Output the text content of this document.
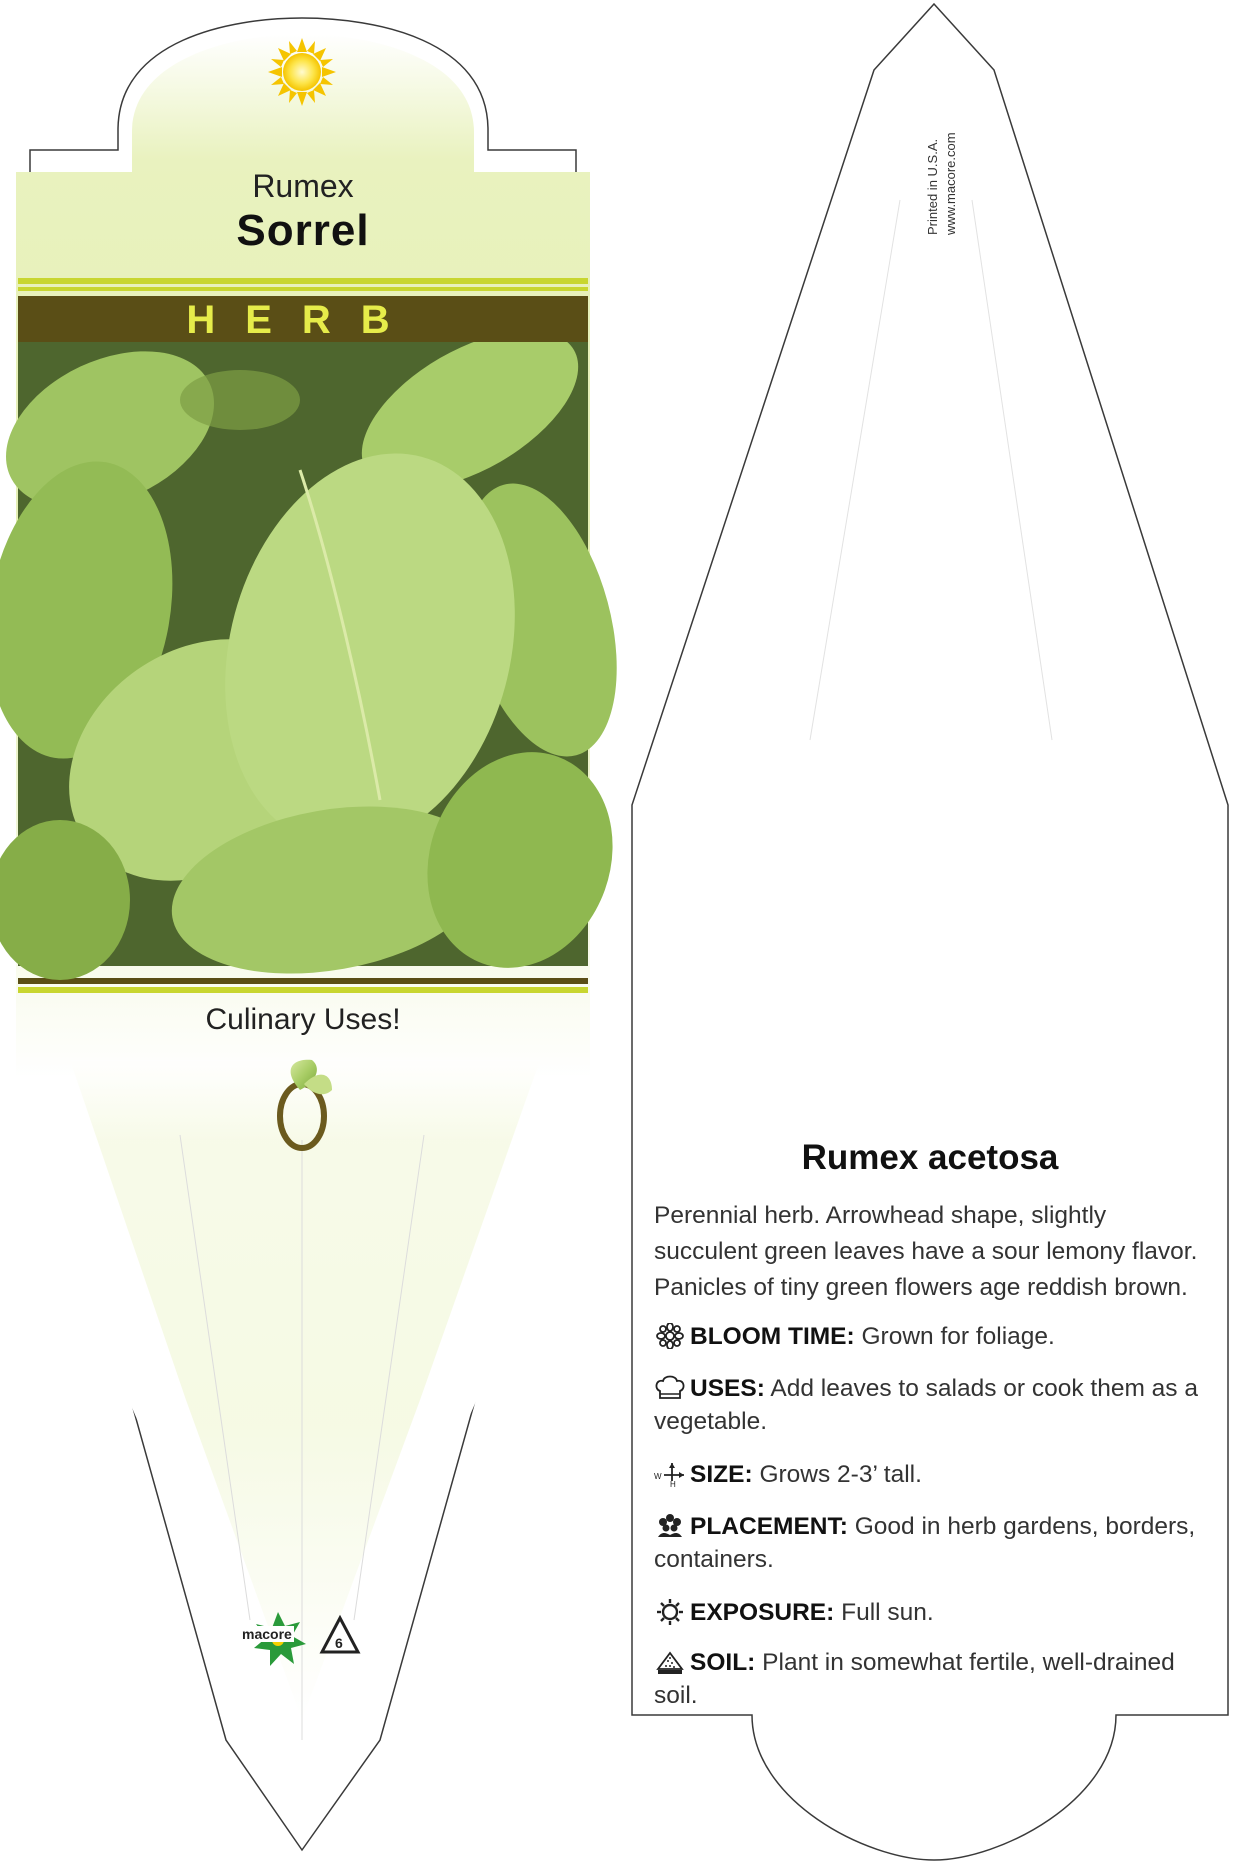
Rumex
Sorrel
HERB
Culinary Uses!
macore
6
Printed in U.S.A. www.macore.com
Rumex acetosa
Perennial herb. Arrowhead shape, slightly succulent green leaves have a sour lemony flavor. Panicles of tiny green flowers age reddish brown.
BLOOM TIME: Grown for foliage.
USES: Add leaves to salads or cook them as a vegetable.
W
H SIZE: Grows 2-3’ tall.
PLACEMENT: Good in herb gardens, borders, containers.
EXPOSURE: Full sun.
SOIL: Plant in somewhat fertile, well-drained soil.
